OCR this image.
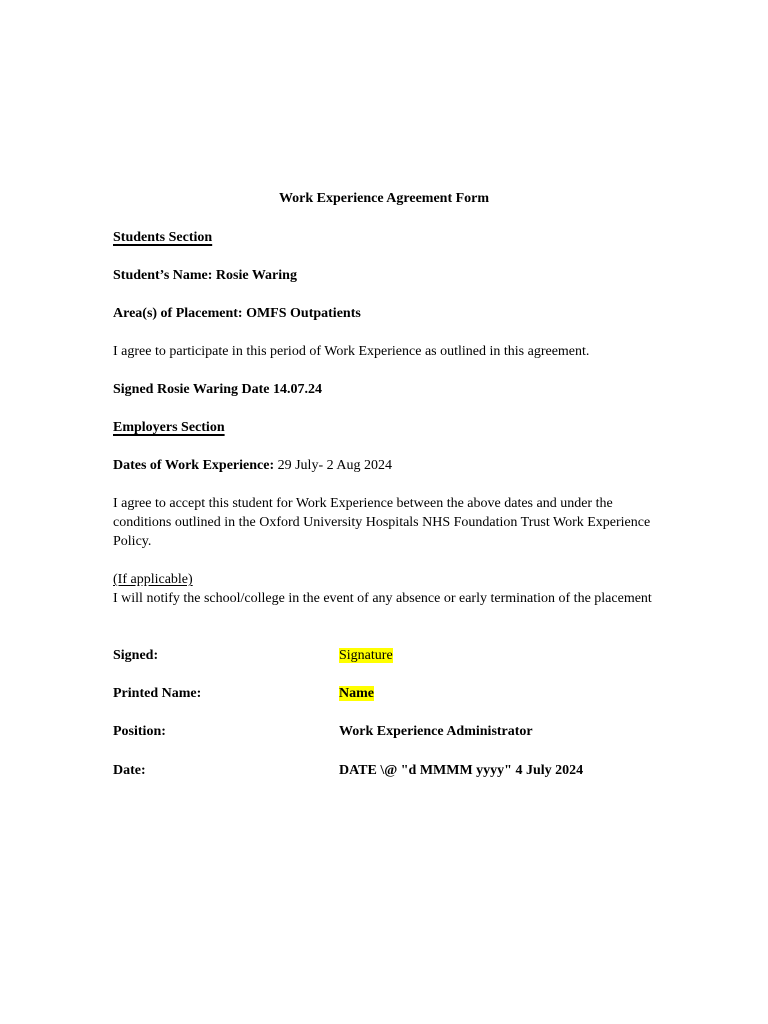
Work Experience Agreement Form
Students Section
Student’s Name: Rosie Waring
Area(s) of Placement: OMFS Outpatients
I agree to participate in this period of Work Experience as outlined in this agreement.
Signed Rosie Waring Date 14.07.24
Employers Section
Dates of Work Experience: 29 July- 2 Aug 2024
I agree to accept this student for Work Experience between the above dates and under the conditions outlined in the Oxford University Hospitals NHS Foundation Trust Work Experience Policy.
(If applicable)
I will notify the school/college in the event of any absence or early termination of the placement
Signed:	Signature
Printed Name:	Name
Position:	Work Experience Administrator
Date:	DATE \@ "d MMMM yyyy" 4 July 2024
